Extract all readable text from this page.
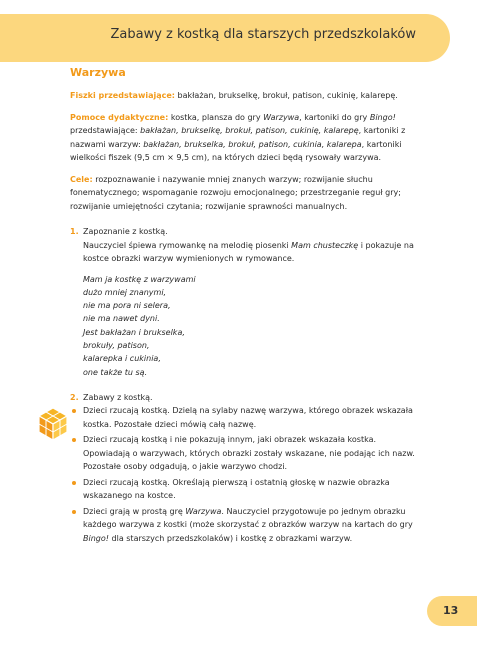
Zabawy z kostką dla starszych przedszkolaków
Warzywa

Fiszki przedstawiające: bakłażan, brukselkę, brokuł, patison, cukinię, kalarepę.

Pomoce dydaktyczne: kostka, plansza do gry Warzywa, kartoniki do gry Bingo! przedstawiające: bakłażan, brukselkę, brokuł, patison, cukinię, kalarepę, kartoniki z nazwami warzyw: bakłażan, brukselka, brokuł, patison, cukinia, kalarepa, kartoniki wielkości fiszek (9,5 cm × 9,5 cm), na których dzieci będą rysowały warzywa.

Cele: rozpoznawanie i nazywanie mniej znanych warzyw; rozwijanie słuchu fonematycznego; wspomaganie rozwoju emocjonalnego; przestrzeganie reguł gry; rozwijanie umiejętności czytania; rozwijanie sprawności manualnych.

1. Zapoznanie z kostką.
Nauczyciel śpiewa rymowankę na melodię piosenki Mam chusteczkę i pokazuje na kostce obrazki warzyw wymienionych w rymowance.
Mam ja kostkę z warzywami
dużo mniej znanymi,
nie ma pora ni selera,
nie ma nawet dyni.
Jest bakłażan i brukselka,
brokuły, patison,
kalarepka i cukinia,
one także tu są.
2. Zabawy z kostką.
Dzieci rzucają kostką. Dzielą na sylaby nazwę warzywa, którego obrazek wskazała kostka. Pozostałe dzieci mówią całą nazwę.
Dzieci rzucają kostką i nie pokazują innym, jaki obrazek wskazała kostka. Opowiadają o warzywach, których obrazki zostały wskazane, nie podając ich nazw. Pozostałe osoby odgadują, o jakie warzywo chodzi.
Dzieci rzucają kostką. Określają pierwszą i ostatnią głoskę w nazwie obrazka wskazanego na kostce.
Dzieci grają w prostą grę Warzywa. Nauczyciel przygotowuje po jednym obrazku każdego warzywa z kostki (może skorzystać z obrazków warzyw na kartach do gry Bingo! dla starszych przedszkolaków) i kostkę z obrazkami warzyw.
13
